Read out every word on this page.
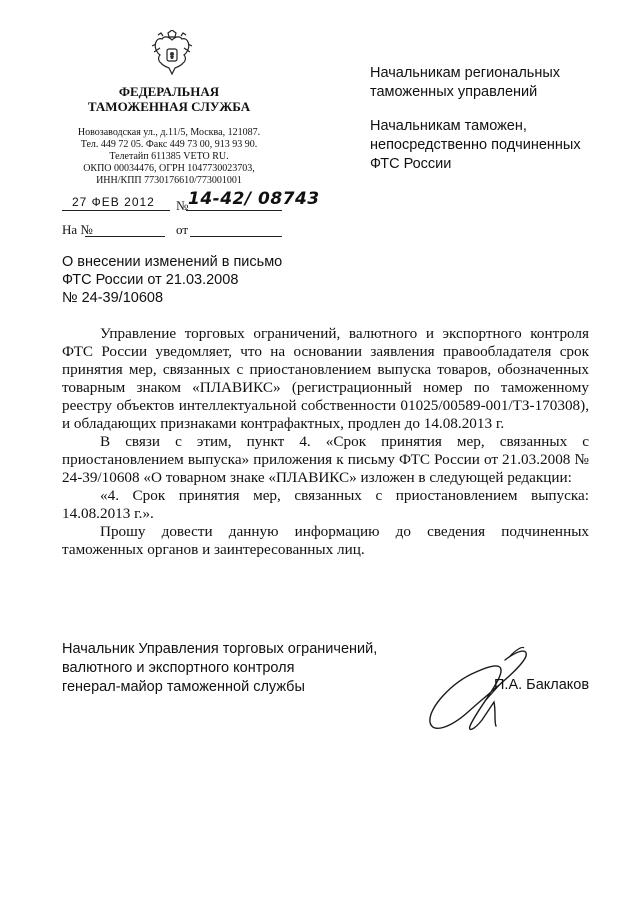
ФЕДЕРАЛЬНАЯ
ТАМОЖЕННАЯ СЛУЖБА
Новозаводская ул., д.11/5, Москва, 121087.
Тел. 449 72 05. Факс 449 73 00, 913 93 90.
Телетайп 611385 VETO RU.
ОКПО 00034476, ОГРН 1047730023703,
ИНН/КПП 7730176610/773001001
27 ФЕВ 2012 № 14-42/ 08743
На №	от
Начальникам региональных
таможенных управлений
Начальникам таможен,
непосредственно подчиненных
ФТС России
О внесении изменений в письмо
ФТС России от 21.03.2008
№ 24-39/10608

Управление торговых ограничений, валютного и экспортного контроля ФТС России уведомляет, что на основании заявления правообладателя срок принятия мер, связанных с приостановлением выпуска товаров, обозначенных товарным знаком «ПЛАВИКС» (регистрационный номер по таможенному реестру объектов интеллектуальной собственности 01025/00589-001/ТЗ-170308), и обладающих признаками контрафактных, продлен до 14.08.2013 г.

В связи с этим, пункт 4. «Срок принятия мер, связанных с приостановлением выпуска» приложения к письму ФТС России от 21.03.2008 № 24-39/10608 «О товарном знаке «ПЛАВИКС» изложен в следующей редакции:

«4. Срок принятия мер, связанных с приостановлением выпуска: 14.08.2013 г.».

Прошу довести данную информацию до сведения подчиненных таможенных органов и заинтересованных лиц.

Начальник Управления торговых ограничений,
валютного и экспортного контроля
генерал-майор таможенной службы	П.А. Баклаков
